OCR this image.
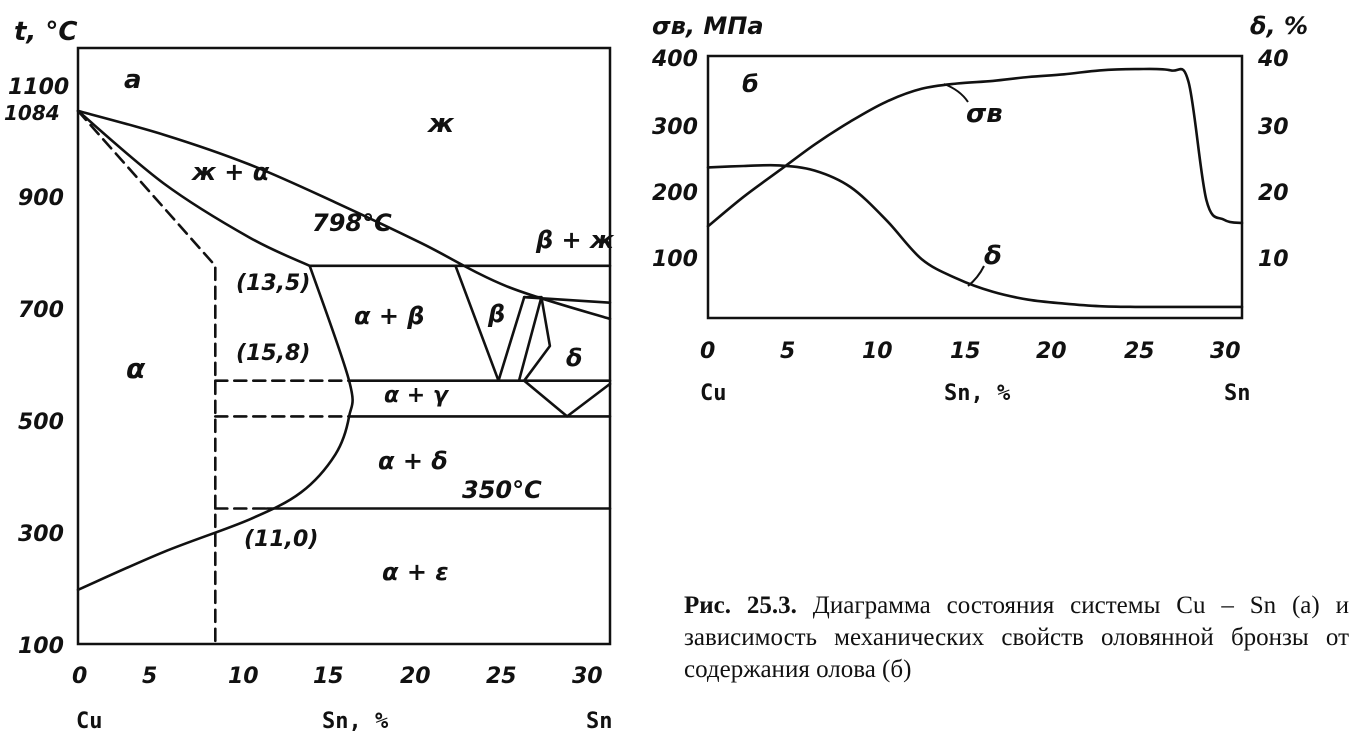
t, °C
а
1100
1084
900
700
500
300
100
0 5	10 15	20	25	30
Cu	Sn, %	Sn
ж
ж + α
α
α + β	β
δ
α + γ
α + δ
α + ε
β + ж
798°C
350°C
(13,5)
(15,8)
(11,0)
σв, МПа	δ, %
б
400
300
200
100
40
30
20
10
0	5	10	15	20	25	30
Cu	Sn, %	Sn
σв
δ
Рис. 25.3. Диаграмма состояния системы Cu – Sn (а) и зависимость механических свойств оловянной бронзы от содержания олова (б)
